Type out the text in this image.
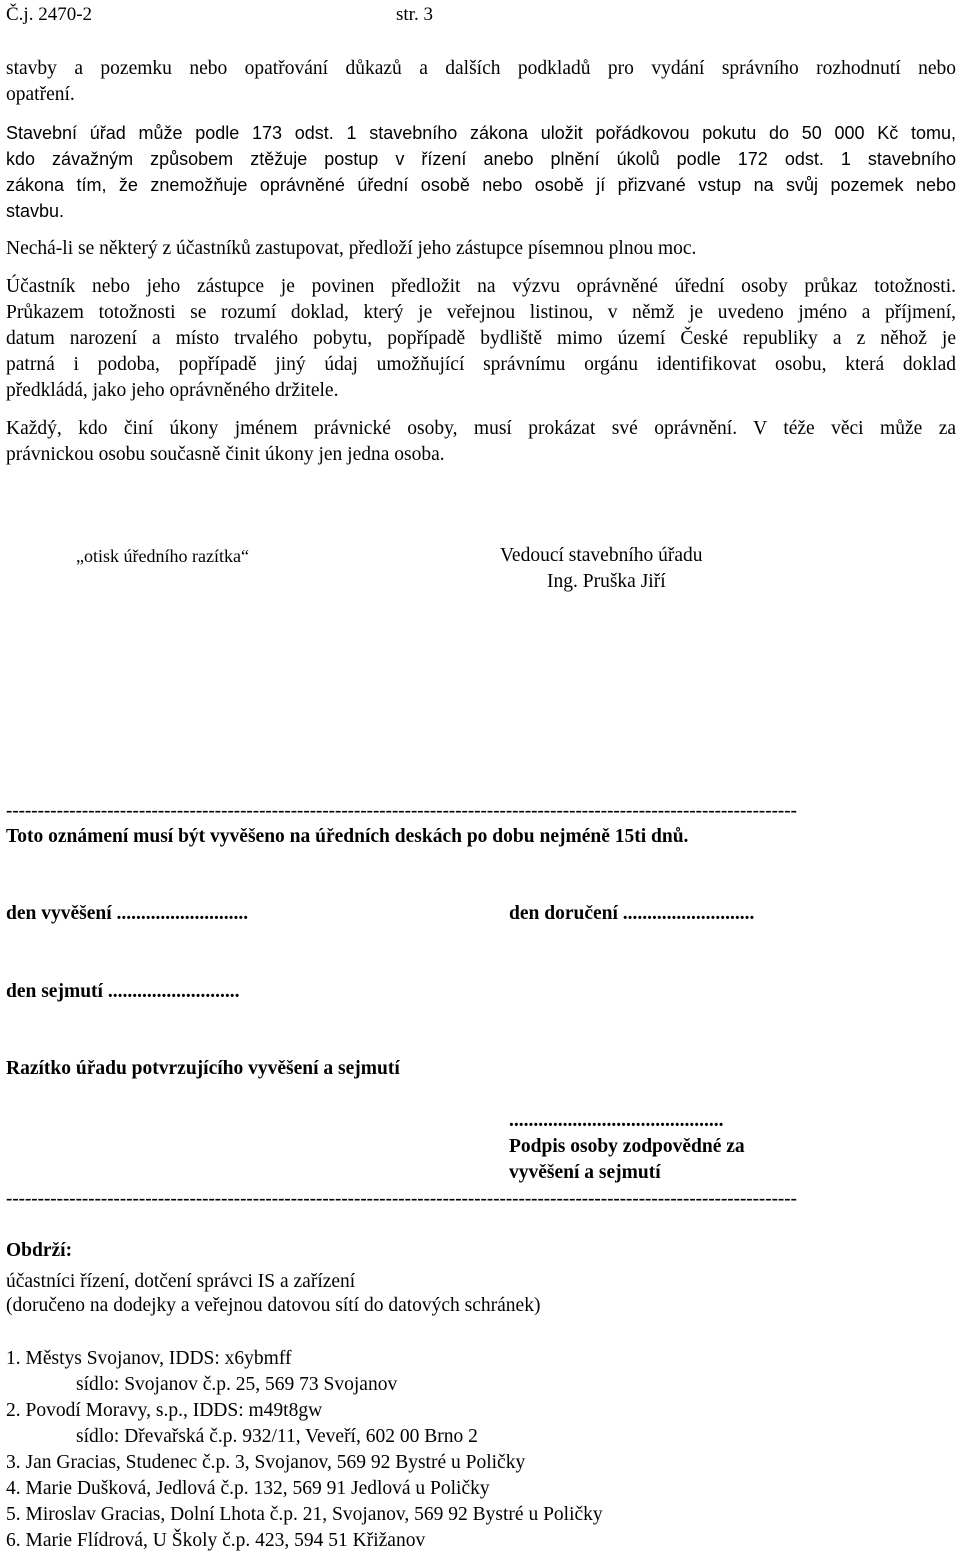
Č.j. 2470-2	str. 3
stavby a pozemku nebo opatřování důkazů a dalších podkladů pro vydání správního rozhodnutí nebo
opatření.
Stavební úřad může podle 173 odst. 1 stavebního zákona uložit pořádkovou pokutu do 50 000 Kč tomu,
kdo závažným způsobem ztěžuje postup v řízení anebo plnění úkolů podle 172 odst. 1 stavebního
zákona tím, že znemožňuje oprávněné úřední osobě nebo osobě jí přizvané vstup na svůj pozemek nebo
stavbu.
Nechá-li se některý z účastníků zastupovat, předloží jeho zástupce písemnou plnou moc.
Účastník nebo jeho zástupce je povinen předložit na výzvu oprávněné úřední osoby průkaz totožnosti.
Průkazem totožnosti se rozumí doklad, který je veřejnou listinou, v němž je uvedeno jméno a příjmení,
datum narození a místo trvalého pobytu, popřípadě bydliště mimo území České republiky a z něhož je
patrná i podoba, popřípadě jiný údaj umožňující správnímu orgánu identifikovat osobu, která doklad
předkládá, jako jeho oprávněného držitele.
Každý, kdo činí úkony jménem právnické osoby, musí prokázat své oprávnění. V téže věci může za
právnickou osobu současně činit úkony jen jedna osoba.
„otisk úředního razítka“	Vedoucí stavebního úřadu
Ing. Pruška Jiří
-----------------------------------------------------------------------------------------------------------------------------
Toto oznámení musí být vyvěšeno na úředních deskách po dobu nejméně 15ti dnů.
den vyvěšení ...........................	den doručení ...........................
den sejmutí ...........................
Razítko úřadu potvrzujícího vyvěšení a sejmutí
............................................
Podpis osoby zodpovědné za
vyvěšení a sejmutí
-----------------------------------------------------------------------------------------------------------------------------
Obdrží:
účastníci řízení, dotčení správci IS a zařízení
(doručeno na dodejky a veřejnou datovou sítí do datových schránek)
1. Městys Svojanov, IDDS: x6ybmff
sídlo: Svojanov č.p. 25, 569 73 Svojanov
2. Povodí Moravy, s.p., IDDS: m49t8gw
sídlo: Dřevařská č.p. 932/11, Veveří, 602 00 Brno 2
3. Jan Gracias, Studenec č.p. 3, Svojanov, 569 92 Bystré u Poličky
4. Marie Dušková, Jedlová č.p. 132, 569 91 Jedlová u Poličky
5. Miroslav Gracias, Dolní Lhota č.p. 21, Svojanov, 569 92 Bystré u Poličky
6. Marie Flídrová, U Školy č.p. 423, 594 51 Křižanov
